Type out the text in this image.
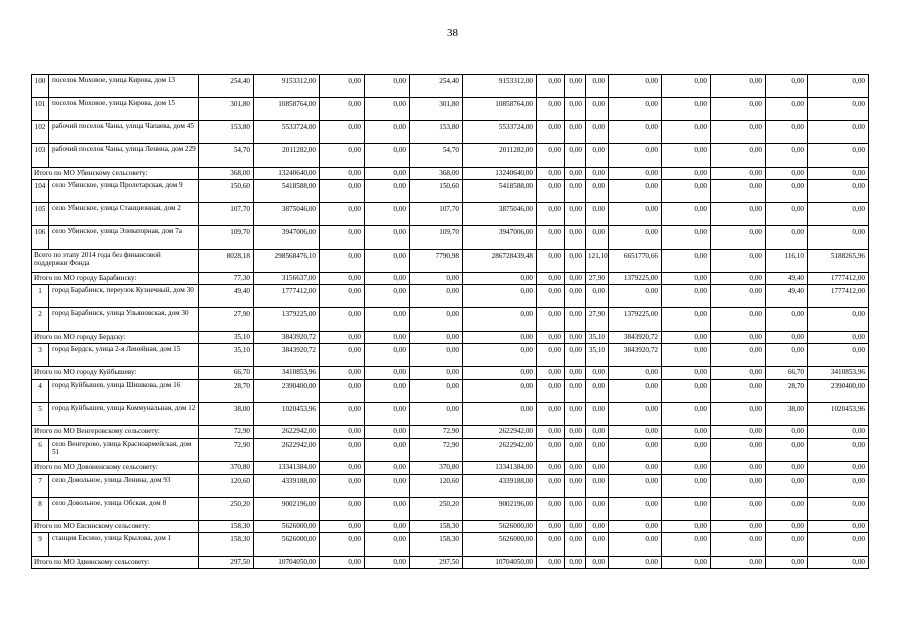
38
100	поселок Моховое, улица Кирова, дом 13	254,40	9153312,00	0,00	0,00	254,40	9153312,00	0,00	0,00	0,00	0,00	0,00	0,00	0,00	0,00
101	поселок Моховое, улица Кирова, дом 15	301,80	10858764,00	0,00	0,00	301,80	10858764,00	0,00	0,00	0,00	0,00	0,00	0,00	0,00	0,00
102	рабочий поселок Чаны, улица Чапаева, дом 45	153,80	5533724,00	0,00	0,00	153,80	5533724,00	0,00	0,00	0,00	0,00	0,00	0,00	0,00	0,00
103	рабочий поселок Чаны, улица Ленина, дом 229	54,70	2011282,00	0,00	0,00	54,70	2011282,00	0,00	0,00	0,00	0,00	0,00	0,00	0,00	0,00
Итого по МО Убинскому сельсовету:		368,00	13240640,00	0,00	0,00	368,00	13240640,00	0,00	0,00	0,00	0,00	0,00	0,00	0,00	0,00
104	село Убинское, улица Пролетарская, дом 9	150,60	5418588,00	0,00	0,00	150,60	5418588,00	0,00	0,00	0,00	0,00	0,00	0,00	0,00	0,00
105	село Убинское, улица Станционная, дом 2	107,70	3875046,00	0,00	0,00	107,70	3875046,00	0,00	0,00	0,00	0,00	0,00	0,00	0,00	0,00
106	село Убинское, улица Элеваторная, дом 7а	109,70	3947006,00	0,00	0,00	109,70	3947006,00	0,00	0,00	0,00	0,00	0,00	0,00	0,00	0,00
Всего по этапу 2014 года без финансовой поддержки Фонда		8028,18	298568476,10	0,00	0,00	7790,98	286728439,48	0,00	0,00	121,10	6651770,66	0,00	0,00	116,10	5188265,96
Итого по МО городу Барабинску:		77,30	3156637,00	0,00	0,00	0,00	0,00	0,00	0,00	27,90	1379225,00	0,00	0,00	49,40	1777412,00
1	город Барабинск, переулок Кузнечный, дом 30	49,40	1777412,00	0,00	0,00	0,00	0,00	0,00	0,00	0,00	0,00	0,00	0,00	49,40	1777412,00
2	город Барабинск, улица Ульяновская, дом 30	27,90	1379225,00	0,00	0,00	0,00	0,00	0,00	0,00	27,90	1379225,00	0,00	0,00	0,00	0,00
Итого по МО городу Бердску:		35,10	3843920,72	0,00	0,00	0,00	0,00	0,00	0,00	35,10	3843920,72	0,00	0,00	0,00	0,00
3	город Бердск, улица 2-я Линейная, дом 15	35,10	3843920,72	0,00	0,00	0,00	0,00	0,00	0,00	35,10	3843920,72	0,00	0,00	0,00	0,00
Итого по МО городу Куйбышеву:		66,70	3410853,96	0,00	0,00	0,00	0,00	0,00	0,00	0,00	0,00	0,00	0,00	66,70	3410853,96
4	город Куйбышев, улица Шишкова, дом 16	28,70	2390400,00	0,00	0,00	0,00	0,00	0,00	0,00	0,00	0,00	0,00	0,00	28,70	2390400,00
5	город Куйбышев, улица Коммунальная, дом 12	38,00	1020453,96	0,00	0,00	0,00	0,00	0,00	0,00	0,00	0,00	0,00	0,00	38,00	1020453,96
Итого по МО Венгеровскому сельсовету:		72,90	2622942,00	0,00	0,00	72,90	2622942,00	0,00	0,00	0,00	0,00	0,00	0,00	0,00	0,00
6	село Венгерово, улица Красноармейская, дом 51	72,90	2622942,00	0,00	0,00	72,90	2622942,00	0,00	0,00	0,00	0,00	0,00	0,00	0,00	0,00
Итого по МО Довоненскому сельсовету:		370,80	13341384,00	0,00	0,00	370,80	13341384,00	0,00	0,00	0,00	0,00	0,00	0,00	0,00	0,00
7	село Довольное, улица Ленина, дом 93	120,60	4339188,00	0,00	0,00	120,60	4339188,00	0,00	0,00	0,00	0,00	0,00	0,00	0,00	0,00
8	село Довольное, улица Обская, дом 8	250,20	9002196,00	0,00	0,00	250,20	9002196,00	0,00	0,00	0,00	0,00	0,00	0,00	0,00	0,00
Итого по МО Евсинскому сельсовету:		158,30	5626000,00	0,00	0,00	158,30	5626000,00	0,00	0,00	0,00	0,00	0,00	0,00	0,00	0,00
9	станция Евсино, улица Крылова, дом 1	158,30	5626000,00	0,00	0,00	158,30	5626000,00	0,00	0,00	0,00	0,00	0,00	0,00	0,00	0,00
Итого по МО Здвинскому сельсовету:		297,50	10704050,00	0,00	0,00	297,50	10704050,00	0,00	0,00	0,00	0,00	0,00	0,00	0,00	0,00
